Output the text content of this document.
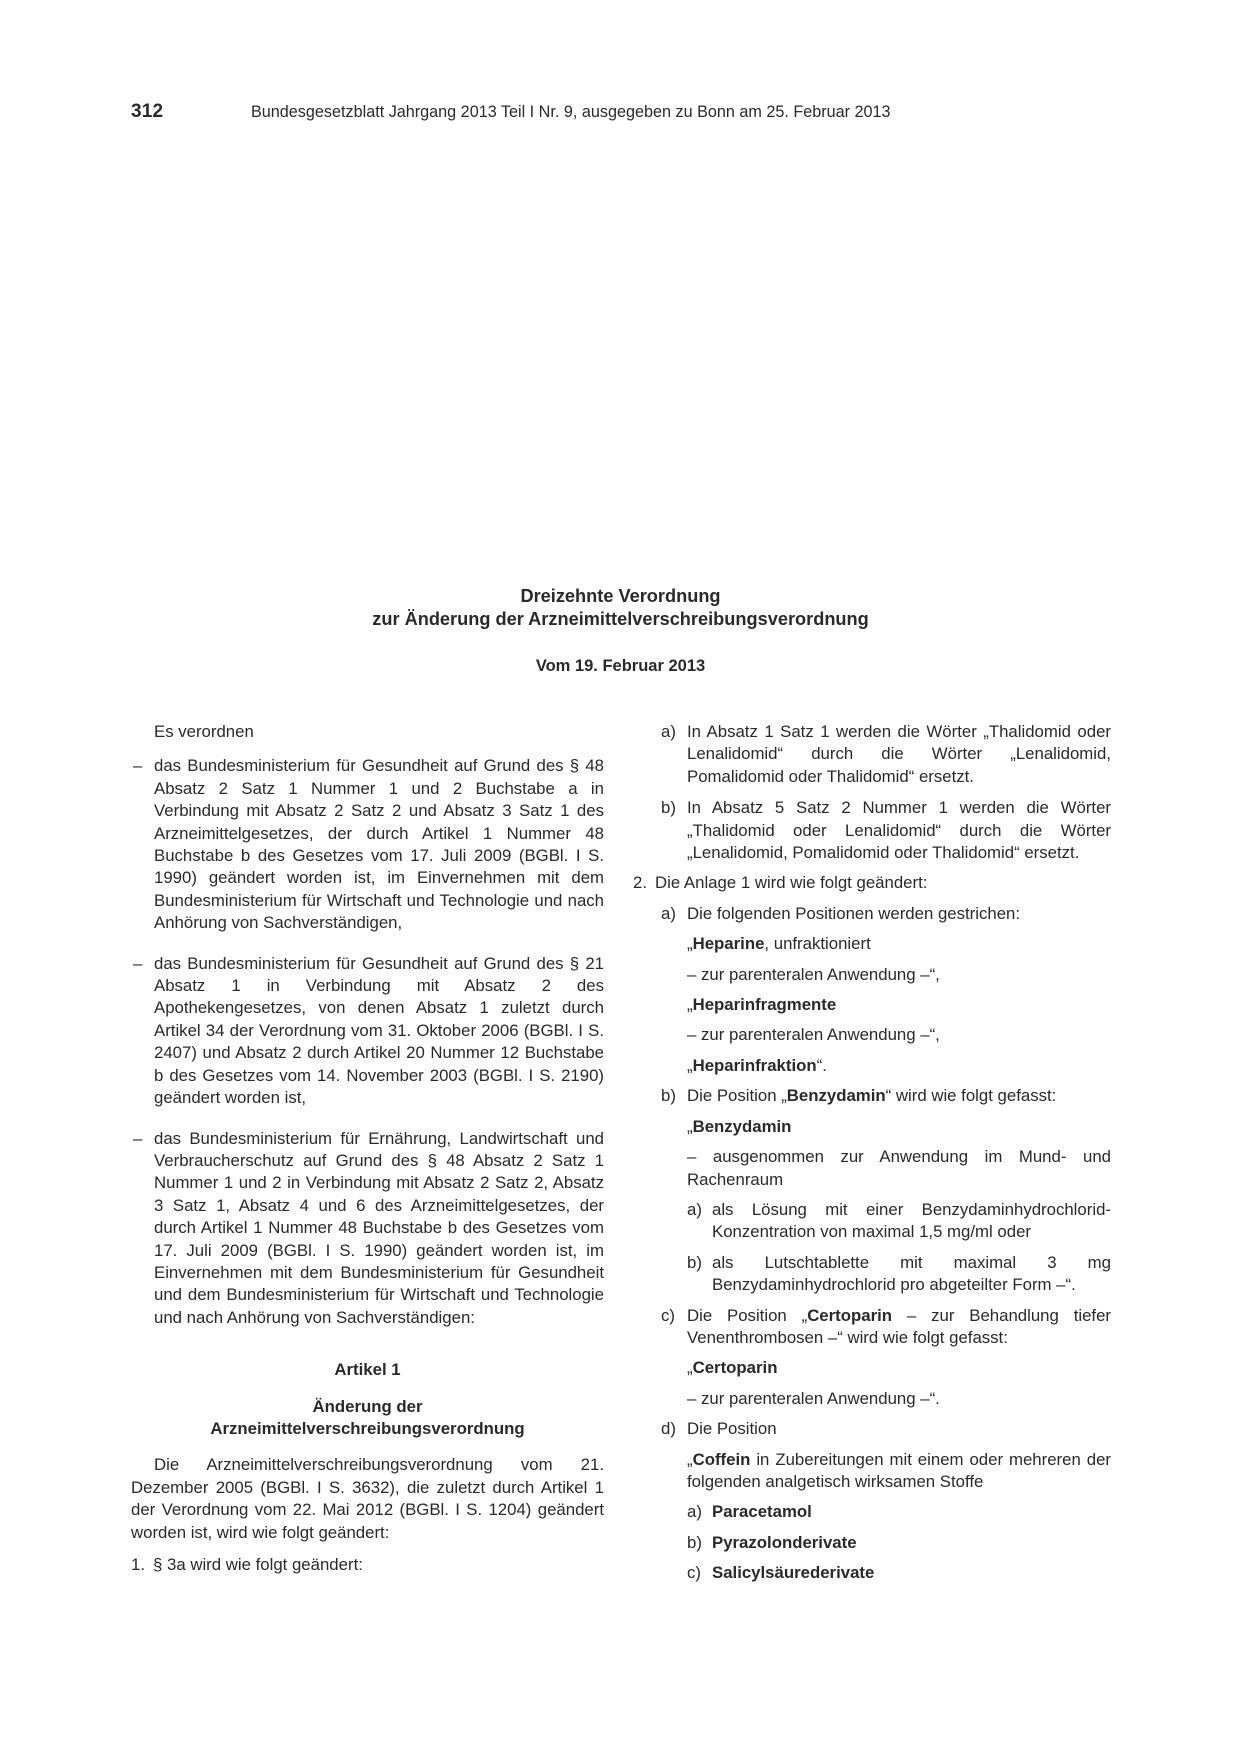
312	Bundesgesetzblatt Jahrgang 2013 Teil I Nr. 9, ausgegeben zu Bonn am 25. Februar 2013
Dreizehnte Verordnung
zur Änderung der Arzneimittelverschreibungsverordnung
Vom 19. Februar 2013

Es verordnen

– das Bundesministerium für Gesundheit auf Grund des § 48 Absatz 2 Satz 1 Nummer 1 und 2 Buchstabe a in Verbindung mit Absatz 2 Satz 2 und Absatz 3 Satz 1 des Arzneimittelgesetzes, der durch Artikel 1 Nummer 48 Buchstabe b des Gesetzes vom 17. Juli 2009 (BGBl. I S. 1990) geändert worden ist, im Einvernehmen mit dem Bundesministerium für Wirtschaft und Technologie und nach Anhörung von Sachverständigen,
– das Bundesministerium für Gesundheit auf Grund des § 21 Absatz 1 in Verbindung mit Absatz 2 des Apothekengesetzes, von denen Absatz 1 zuletzt durch Artikel 34 der Verordnung vom 31. Oktober 2006 (BGBl. I S. 2407) und Absatz 2 durch Artikel 20 Nummer 12 Buchstabe b des Gesetzes vom 14. November 2003 (BGBl. I S. 2190) geändert worden ist,
– das Bundesministerium für Ernährung, Landwirtschaft und Verbraucherschutz auf Grund des § 48 Absatz 2 Satz 1 Nummer 1 und 2 in Verbindung mit Absatz 2 Satz 2, Absatz 3 Satz 1, Absatz 4 und 6 des Arzneimittelgesetzes, der durch Artikel 1 Nummer 48 Buchstabe b des Gesetzes vom 17. Juli 2009 (BGBl. I S. 1990) geändert worden ist, im Einvernehmen mit dem Bundesministerium für Gesundheit und dem Bundesministerium für Wirtschaft und Technologie und nach Anhörung von Sachverständigen:

Artikel 1

Änderung der

Arzneimittelverschreibungsverordnung

Die Arzneimittelverschreibungsverordnung vom 21. Dezember 2005 (BGBl. I S. 3632), die zuletzt durch Artikel 1 der Verordnung vom 22. Mai 2012 (BGBl. I S. 1204) geändert worden ist, wird wie folgt geändert:

1. § 3a wird wie folgt geändert:
a) In Absatz 1 Satz 1 werden die Wörter „Thalidomid oder Lenalidomid“ durch die Wörter „Lenalidomid, Pomalidomid oder Thalidomid“ ersetzt.
b) In Absatz 5 Satz 2 Nummer 1 werden die Wörter „Thalidomid oder Lenalidomid“ durch die Wörter „Lenalidomid, Pomalidomid oder Thalidomid“ ersetzt.
2. Die Anlage 1 wird wie folgt geändert:
a) Die folgenden Positionen werden gestrichen:

„Heparine, unfraktioniert

– zur parenteralen Anwendung –“,

„Heparinfragmente

– zur parenteralen Anwendung –“,

„Heparinfraktion“.

b) Die Position „Benzydamin“ wird wie folgt gefasst:

„Benzydamin

– ausgenommen zur Anwendung im Mund- und Rachenraum

a) als Lösung mit einer Benzydaminhydrochlorid-Konzentration von maximal 1,5 mg/ml oder
b) als Lutschtablette mit maximal 3 mg Benzydaminhydrochlorid pro abgeteilter Form –“.
c) Die Position „Certoparin – zur Behandlung tiefer Venenthrombosen –“ wird wie folgt gefasst:

„Certoparin

– zur parenteralen Anwendung –“.

d) Die Position

„Coffein in Zubereitungen mit einem oder mehreren der folgenden analgetisch wirksamen Stoffe

a) Paracetamol
b) Pyrazolonderivate
c) Salicylsäurederivate
